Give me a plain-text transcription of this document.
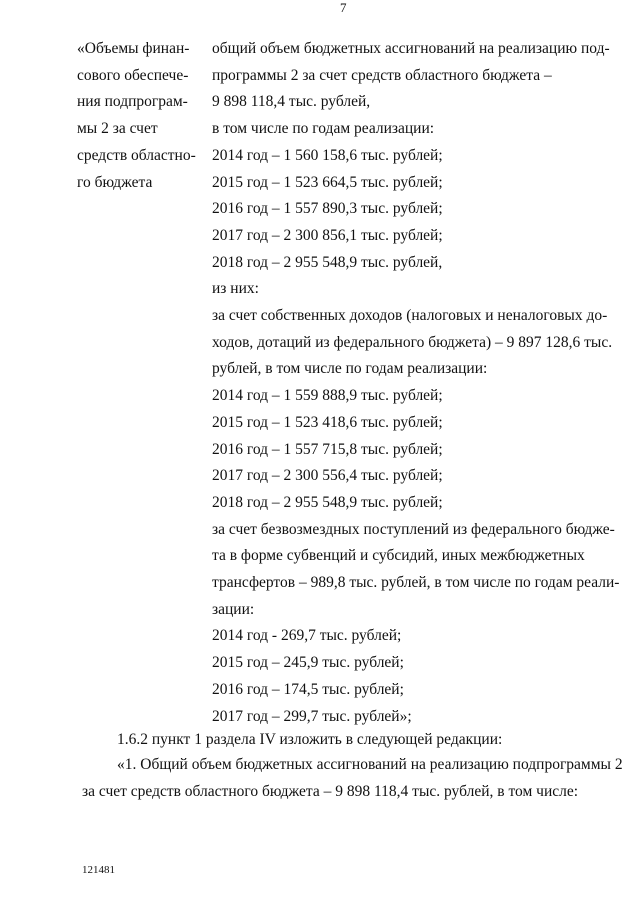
7
«Объемы финан-
сового обеспече-
ния подпрограм-
мы 2 за счет
средств областно-
го бюджета
общий объем бюджетных ассигнований на реализацию под-
программы 2 за счет средств областного бюджета –
9 898 118,4 тыс. рублей,
в том числе по годам реализации:
2014 год – 1 560 158,6 тыс. рублей;
2015 год – 1 523 664,5 тыс. рублей;
2016 год – 1 557 890,3 тыс. рублей;
2017 год – 2 300 856,1 тыс. рублей;
2018 год – 2 955 548,9 тыс. рублей,
из них:
за счет собственных доходов (налоговых и неналоговых до-
ходов, дотаций из федерального бюджета) – 9 897 128,6 тыс.
рублей, в том числе по годам реализации:
2014 год – 1 559 888,9 тыс. рублей;
2015 год – 1 523 418,6 тыс. рублей;
2016 год – 1 557 715,8 тыс. рублей;
2017 год – 2 300 556,4 тыс. рублей;
2018 год – 2 955 548,9 тыс. рублей;
за счет безвозмездных поступлений из федерального бюдже-
та в форме субвенций и субсидий, иных межбюджетных
трансфертов – 989,8 тыс. рублей, в том числе по годам реали-
зации:
2014 год - 269,7 тыс. рублей;
2015 год – 245,9 тыс. рублей;
2016 год – 174,5 тыс. рублей;
2017 год – 299,7 тыс. рублей»;
1.6.2 пункт 1 раздела IV изложить в следующей редакции:
«1. Общий объем бюджетных ассигнований на реализацию подпрограммы 2
за счет средств областного бюджета – 9 898 118,4 тыс. рублей, в том числе:
121481
